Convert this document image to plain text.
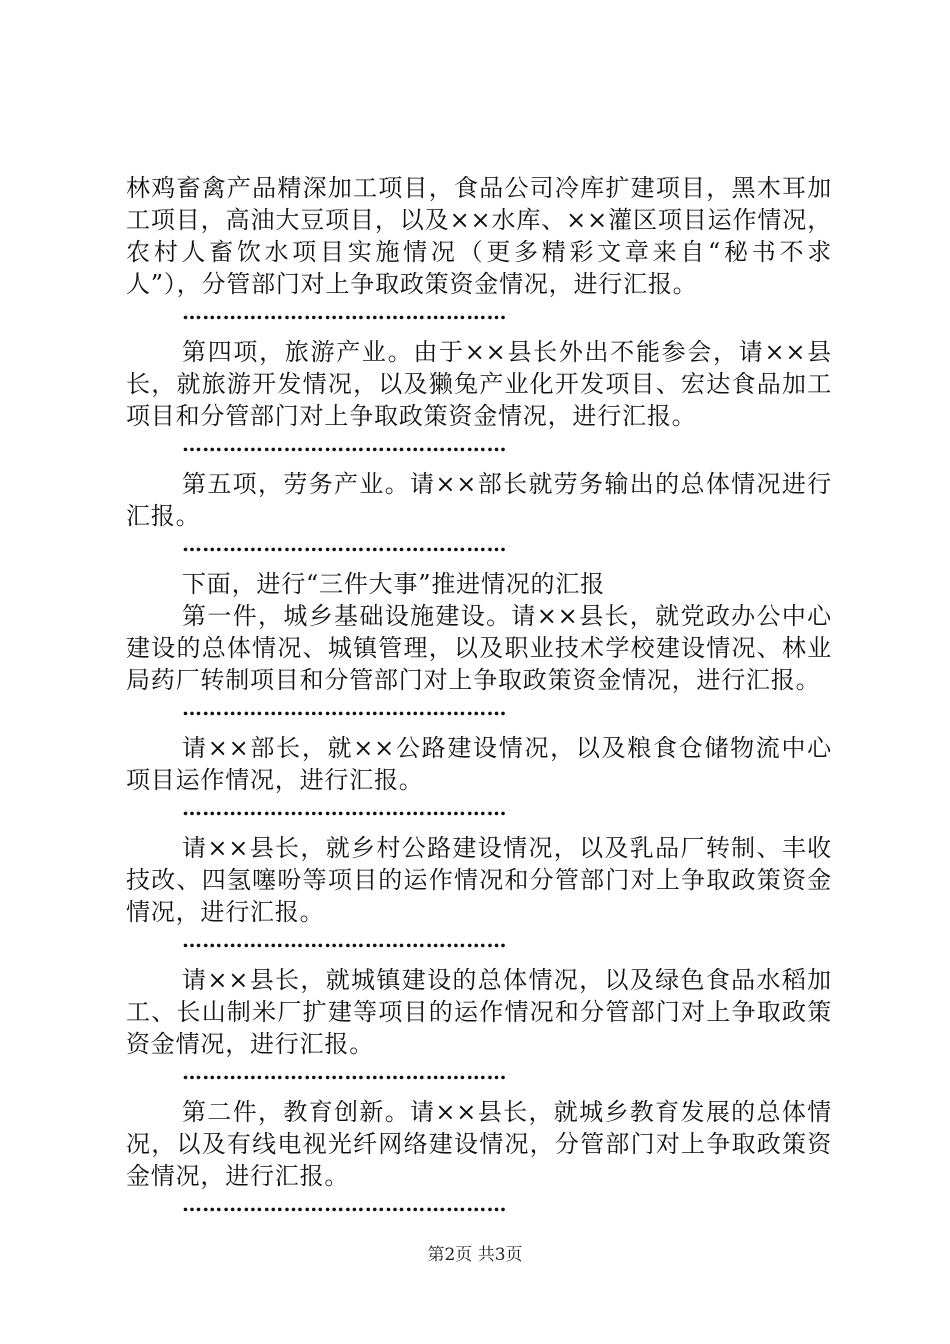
林鸡畜禽产品精深加工项目，食品公司冷库扩建项目，黑木耳加工项目，高油大豆项目，以及××水库、××灌区项目运作情况，农村人畜饮水项目实施情况（更多精彩文章来自“秘书不求人”），分管部门对上争取政策资金情况，进行汇报。

…………………………………………

第四项，旅游产业。由于××县长外出不能参会，请××县长，就旅游开发情况，以及獭兔产业化开发项目、宏达食品加工项目和分管部门对上争取政策资金情况，进行汇报。

…………………………………………

第五项，劳务产业。请××部长就劳务输出的总体情况进行汇报。

…………………………………………

下面，进行“三件大事”推进情况的汇报

第一件，城乡基础设施建设。请××县长，就党政办公中心建设的总体情况、城镇管理，以及职业技术学校建设情况、林业局药厂转制项目和分管部门对上争取政策资金情况，进行汇报。

…………………………………………

请××部长，就××公路建设情况，以及粮食仓储物流中心项目运作情况，进行汇报。

…………………………………………

请××县长，就乡村公路建设情况，以及乳品厂转制、丰收技改、四氢噻吩等项目的运作情况和分管部门对上争取政策资金情况，进行汇报。

…………………………………………

请××县长，就城镇建设的总体情况，以及绿色食品水稻加工、长山制米厂扩建等项目的运作情况和分管部门对上争取政策资金情况，进行汇报。

…………………………………………

第二件，教育创新。请××县长，就城乡教育发展的总体情况，以及有线电视光纤网络建设情况，分管部门对上争取政策资金情况，进行汇报。

…………………………………………
第2页 共3页
